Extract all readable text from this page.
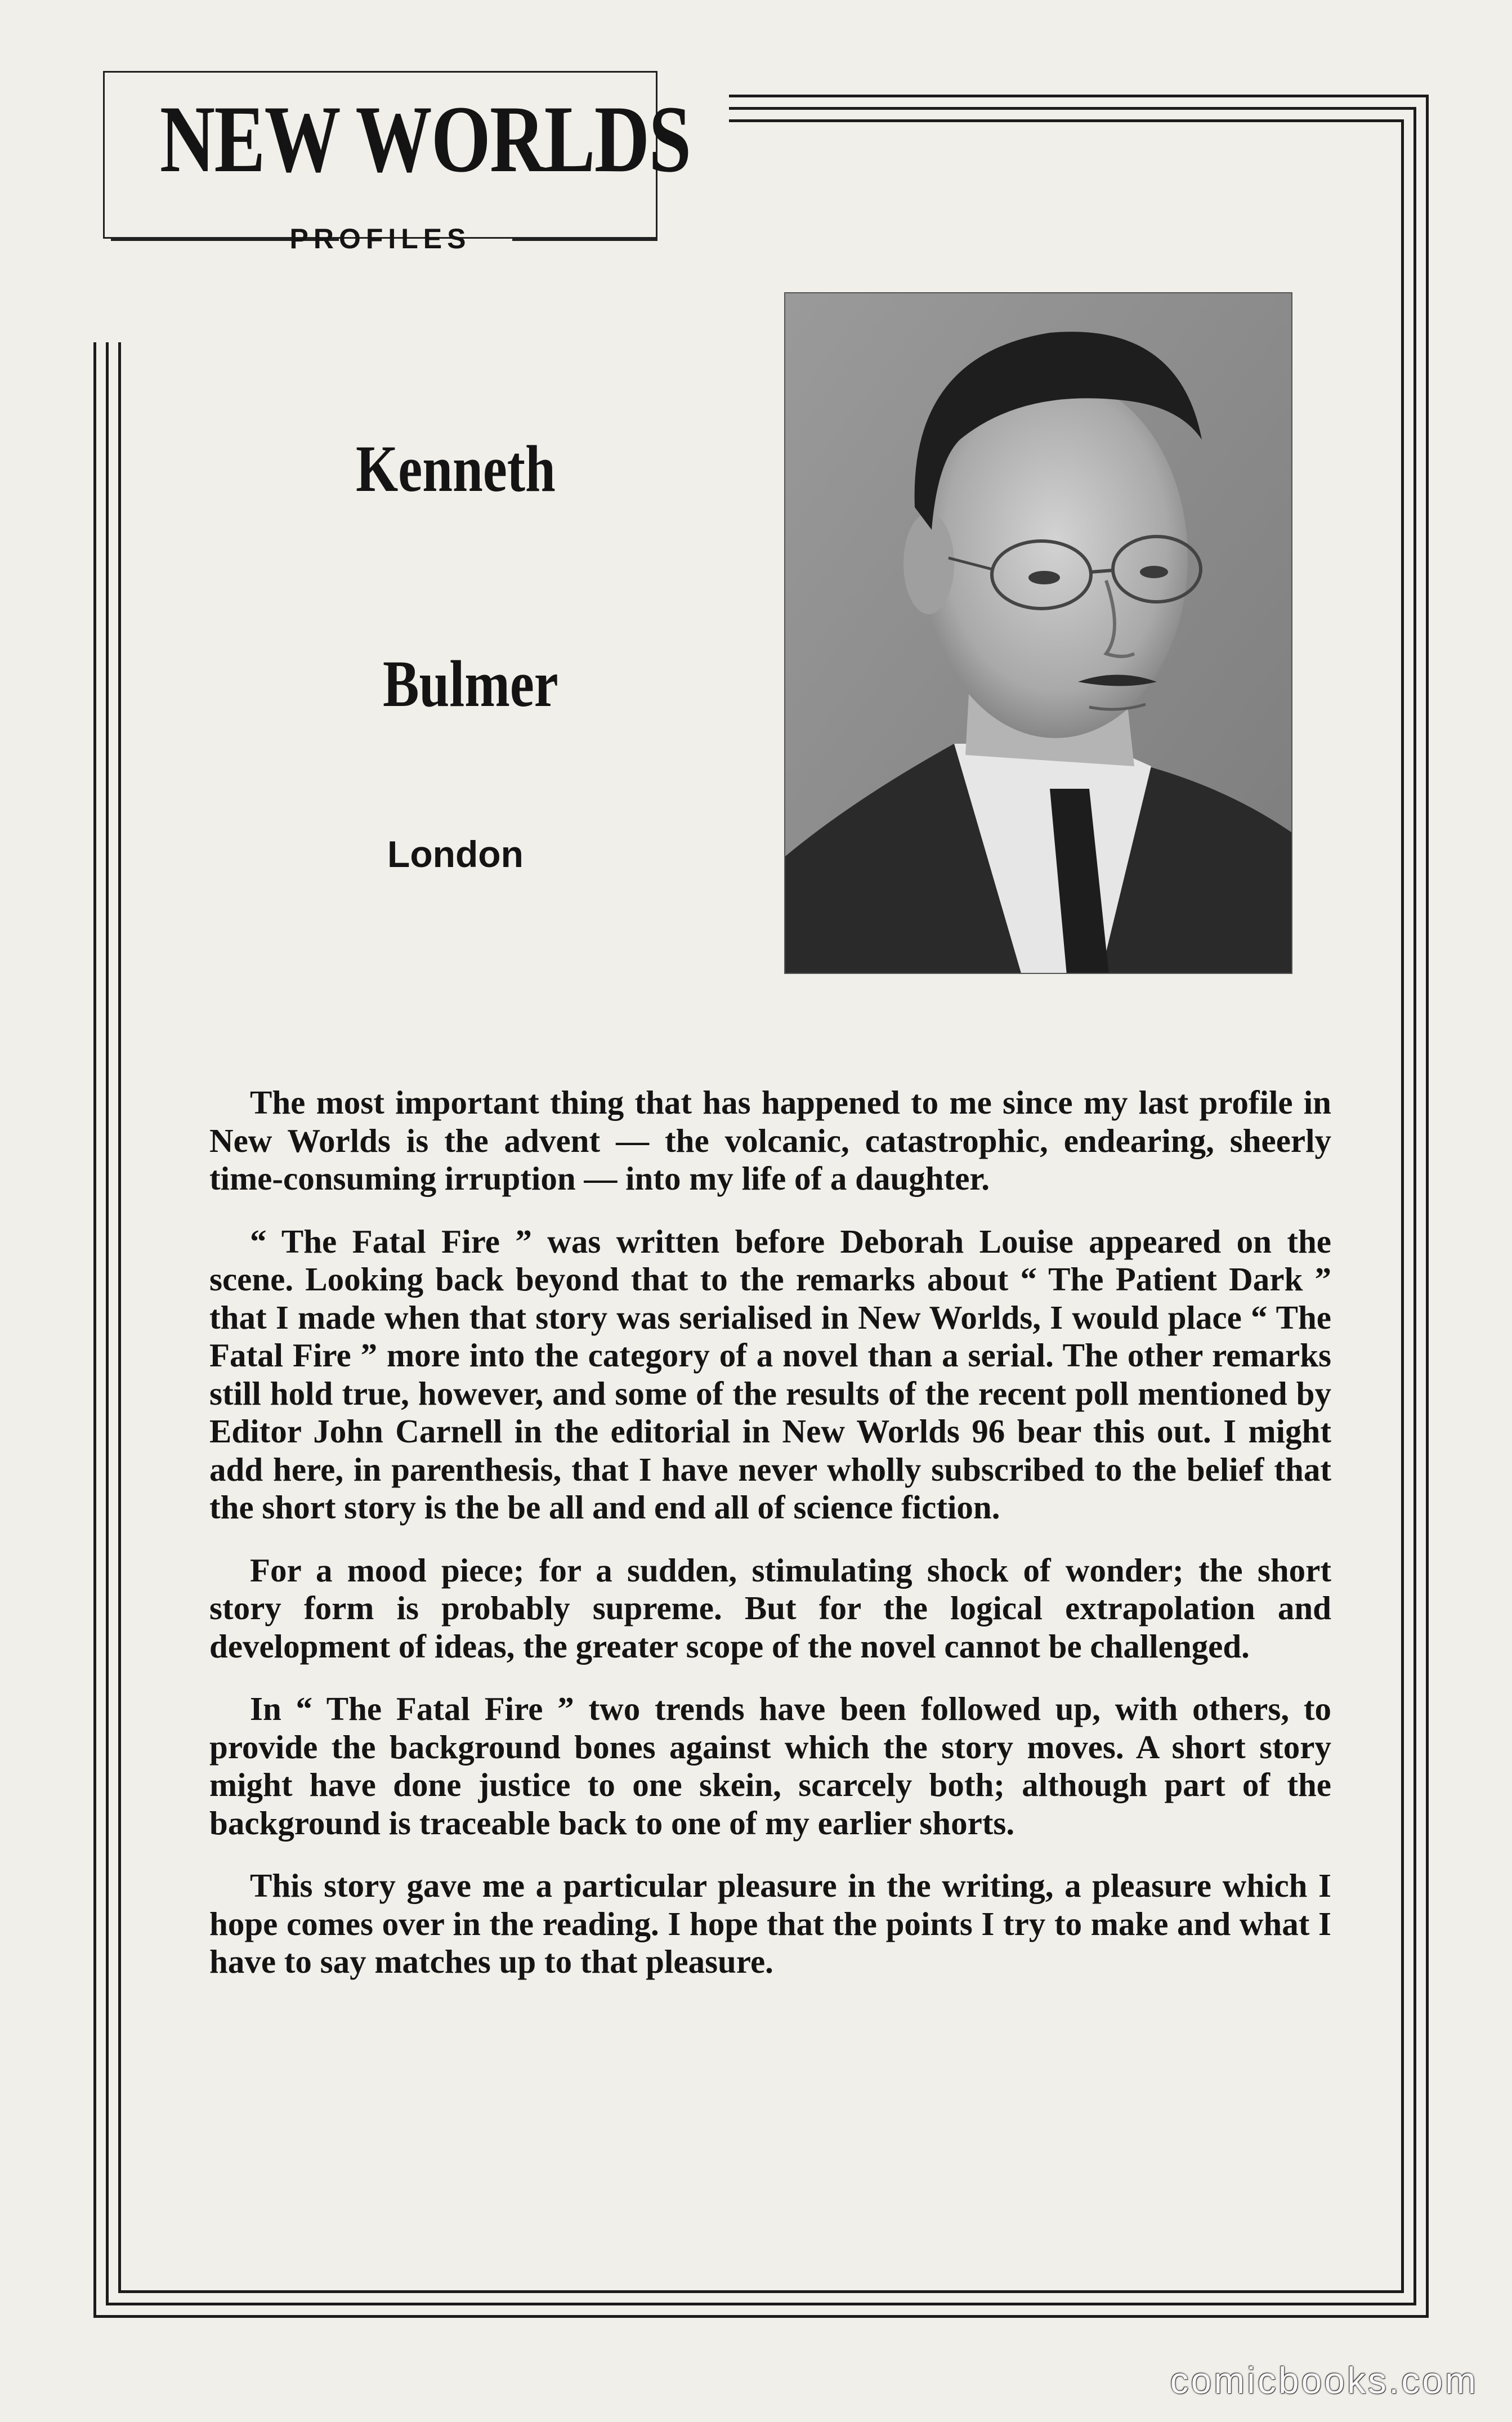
NEW WORLDS
PROFILES
Kenneth
Bulmer
London

The most important thing that has happened to me since my last profile in New Worlds is the advent — the volcanic, catastrophic, endearing, sheerly time-consuming irruption — into my life of a daughter.

“ The Fatal Fire ” was written before Deborah Louise appeared on the scene. Looking back beyond that to the remarks about “ The Patient Dark ” that I made when that story was serialised in New Worlds, I would place “ The Fatal Fire ” more into the category of a novel than a serial. The other remarks still hold true, however, and some of the results of the recent poll mentioned by Editor John Carnell in the editorial in New Worlds 96 bear this out. I might add here, in parenthesis, that I have never wholly subscribed to the belief that the short story is the be all and end all of science fiction.

For a mood piece; for a sudden, stimulating shock of wonder; the short story form is probably supreme. But for the logical extrapolation and development of ideas, the greater scope of the novel cannot be challenged.

In “ The Fatal Fire ” two trends have been followed up, with others, to provide the background bones against which the story moves. A short story might have done justice to one skein, scarcely both; although part of the background is traceable back to one of my earlier shorts.

This story gave me a particular pleasure in the writing, a pleasure which I hope comes over in the reading. I hope that the points I try to make and what I have to say matches up to that pleasure.

comicbooks.com
